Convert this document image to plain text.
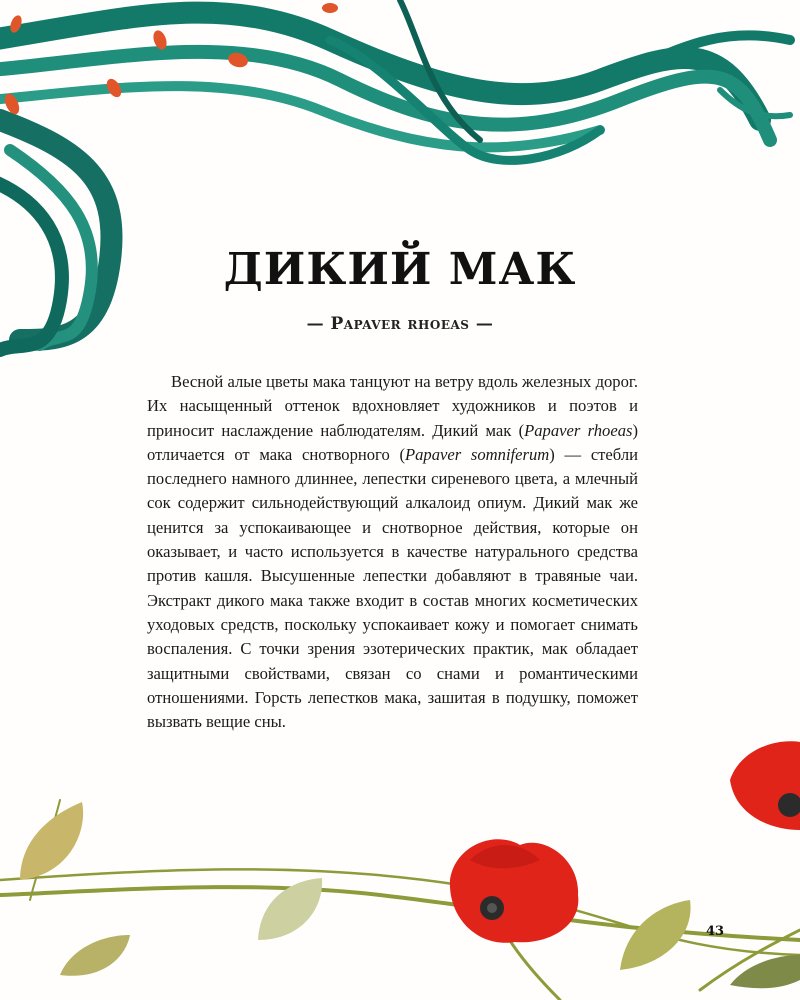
ДИКИЙ МАК
— Papaver rhoeas —

Весной алые цветы мака танцуют на ветру вдоль железных дорог. Их насыщенный оттенок вдохновляет художников и поэтов и приносит наслаждение наблюдателям. Дикий мак (Papaver rhoeas) отличается от мака снотворного (Papaver somniferum) — стебли последнего намного длиннее, лепестки сиреневого цвета, а млечный сок содержит сильнодействующий алкалоид опиум. Дикий мак же ценится за успокаивающее и снотворное действия, которые он оказывает, и часто используется в качестве натурального средства против кашля. Высушенные лепестки добавляют в травяные чаи. Экстракт дикого мака также входит в состав многих косметических уходовых средств, поскольку успокаивает кожу и помогает снимать воспаления. С точки зрения эзотерических практик, мак обладает защитными свойствами, связан со снами и романтическими отношениями. Горсть лепестков мака, зашитая в подушку, поможет вызвать вещие сны.

43
